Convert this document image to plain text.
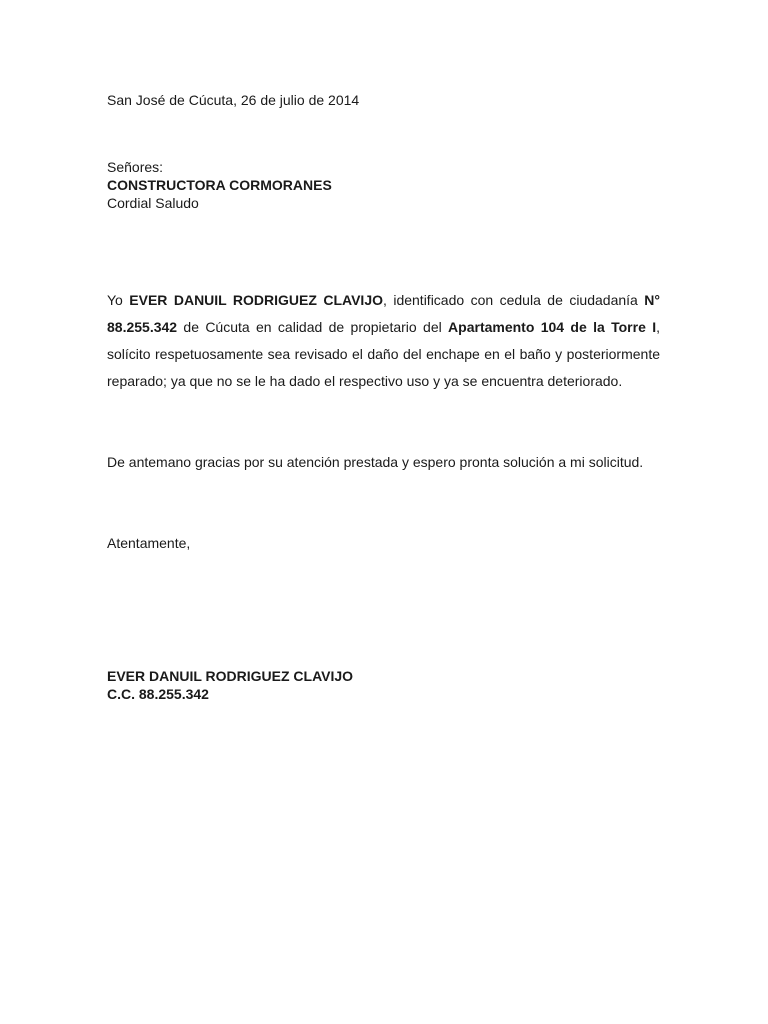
San José de Cúcuta, 26 de julio de 2014
Señores:
CONSTRUCTORA CORMORANES
Cordial Saludo

Yo EVER DANUIL RODRIGUEZ CLAVIJO, identificado con cedula de ciudadanía N° 88.255.342 de Cúcuta en calidad de propietario del Apartamento 104 de la Torre I, solícito respetuosamente sea revisado el daño del enchape en el baño y posteriormente reparado; ya que no se le ha dado el respectivo uso y ya se encuentra deteriorado.

De antemano gracias por su atención prestada y espero pronta solución a mi solicitud.

Atentamente,
EVER DANUIL RODRIGUEZ CLAVIJO
C.C. 88.255.342
